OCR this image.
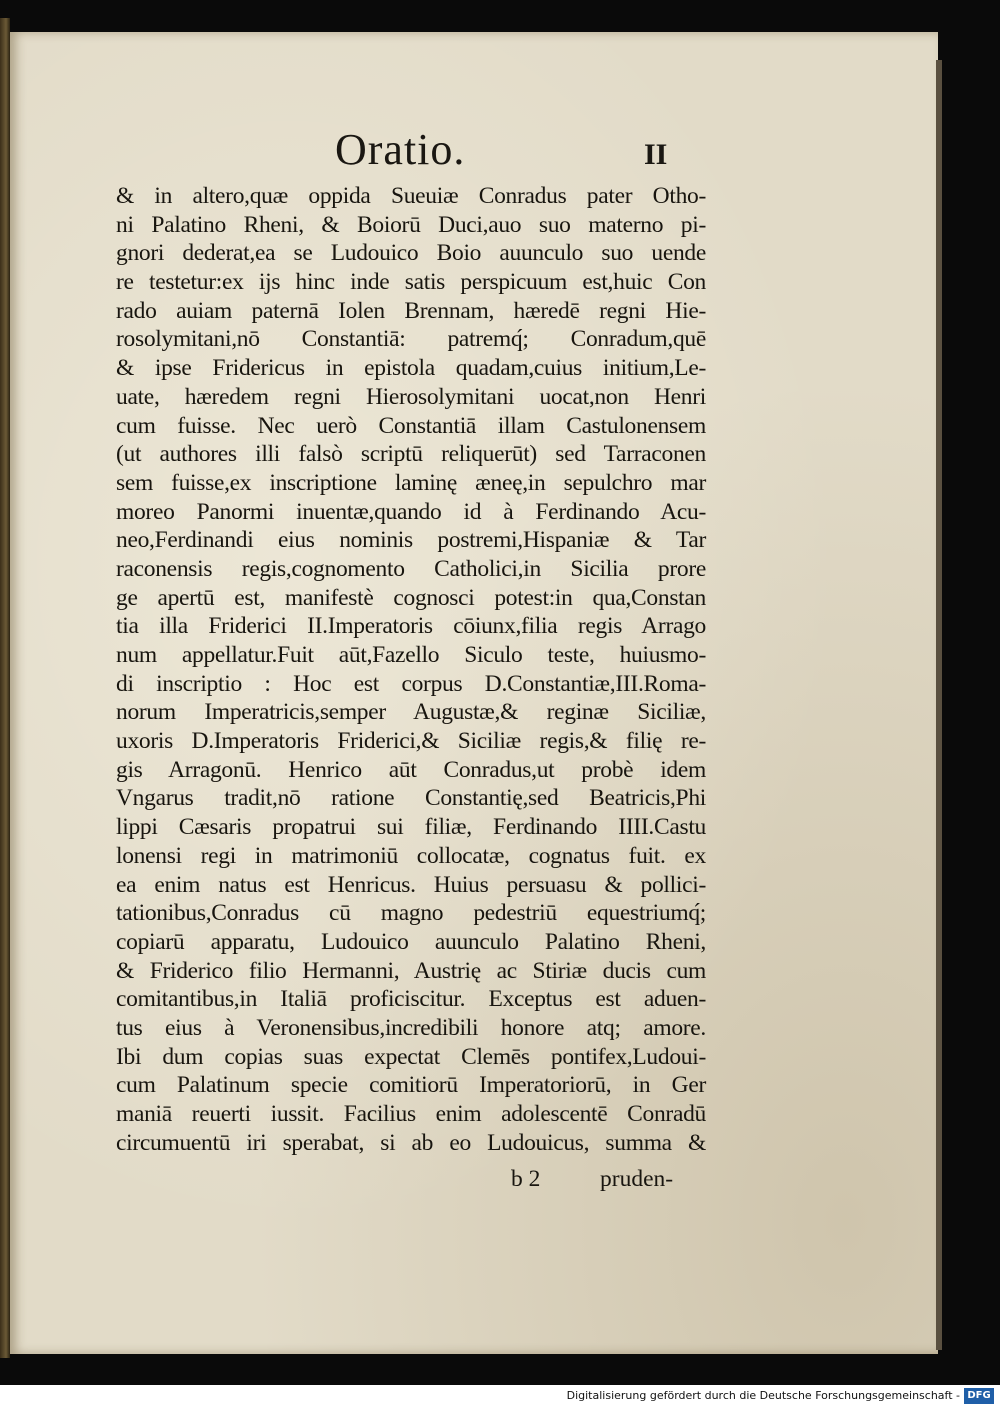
Oratio.	II
& in altero,quæ oppida Sueuiæ Conradus pater Otho-
ni Palatino Rheni, & Boiorū Duci,auo suo materno pi-
gnori dederat,ea se Ludouico Boio auunculo suo uende
re testetur:ex ijs hinc inde satis perspicuum est,huic Con
rado auiam paternā Iolen Brennam, hæredē regni Hie-
rosolymitani,nō Constantiā: patremq́; Conradum,quē
& ipse Fridericus in epistola quadam,cuius initium,Le-
uate, hæredem regni Hierosolymitani uocat,non Henri
cum fuisse. Nec uerò Constantiā illam Castulonensem
(ut authores illi falsò scriptū reliquerūt) sed Tarraconen
sem fuisse,ex inscriptione laminę æneę,in sepulchro mar
moreo Panormi inuentæ,quando id à Ferdinando Acu-
neo,Ferdinandi eius nominis postremi,Hispaniæ & Tar
raconensis regis,cognomento Catholici,in Sicilia prore
ge apertū est, manifestè cognosci potest:in qua,Constan
tia illa Friderici II.Imperatoris cōiunx,filia regis Arrago
num appellatur.Fuit aūt,Fazello Siculo teste, huiusmo-
di inscriptio : Hoc est corpus D.Constantiæ,III.Roma-
norum Imperatricis,semper Augustæ,& reginæ Siciliæ,
uxoris D.Imperatoris Friderici,& Siciliæ regis,& filię re-
gis Arragonū. Henrico aūt Conradus,ut probè idem
Vngarus tradit,nō ratione Constantię,sed Beatricis,Phi
lippi Cæsaris propatrui sui filiæ, Ferdinando IIII.Castu
lonensi regi in matrimoniū collocatæ, cognatus fuit. ex
ea enim natus est Henricus. Huius persuasu & pollici-
tationibus,Conradus cū magno pedestriū equestriumq́;
copiarū apparatu, Ludouico auunculo Palatino Rheni,
& Friderico filio Hermanni, Austrię ac Stiriæ ducis cum
comitantibus,in Italiā proficiscitur. Exceptus est aduen-
tus eius à Veronensibus,incredibili honore atq; amore.
Ibi dum copias suas expectat Clemēs pontifex,Ludoui-
cum Palatinum specie comitiorū Imperatoriorū, in Ger
maniā reuerti iussit. Facilius enim adolescentē Conradū
circumuentū iri sperabat, si ab eo Ludouicus, summa &
b 2	pruden-
Digitalisierung gefördert durch die Deutsche Forschungsgemeinschaft - DFG
